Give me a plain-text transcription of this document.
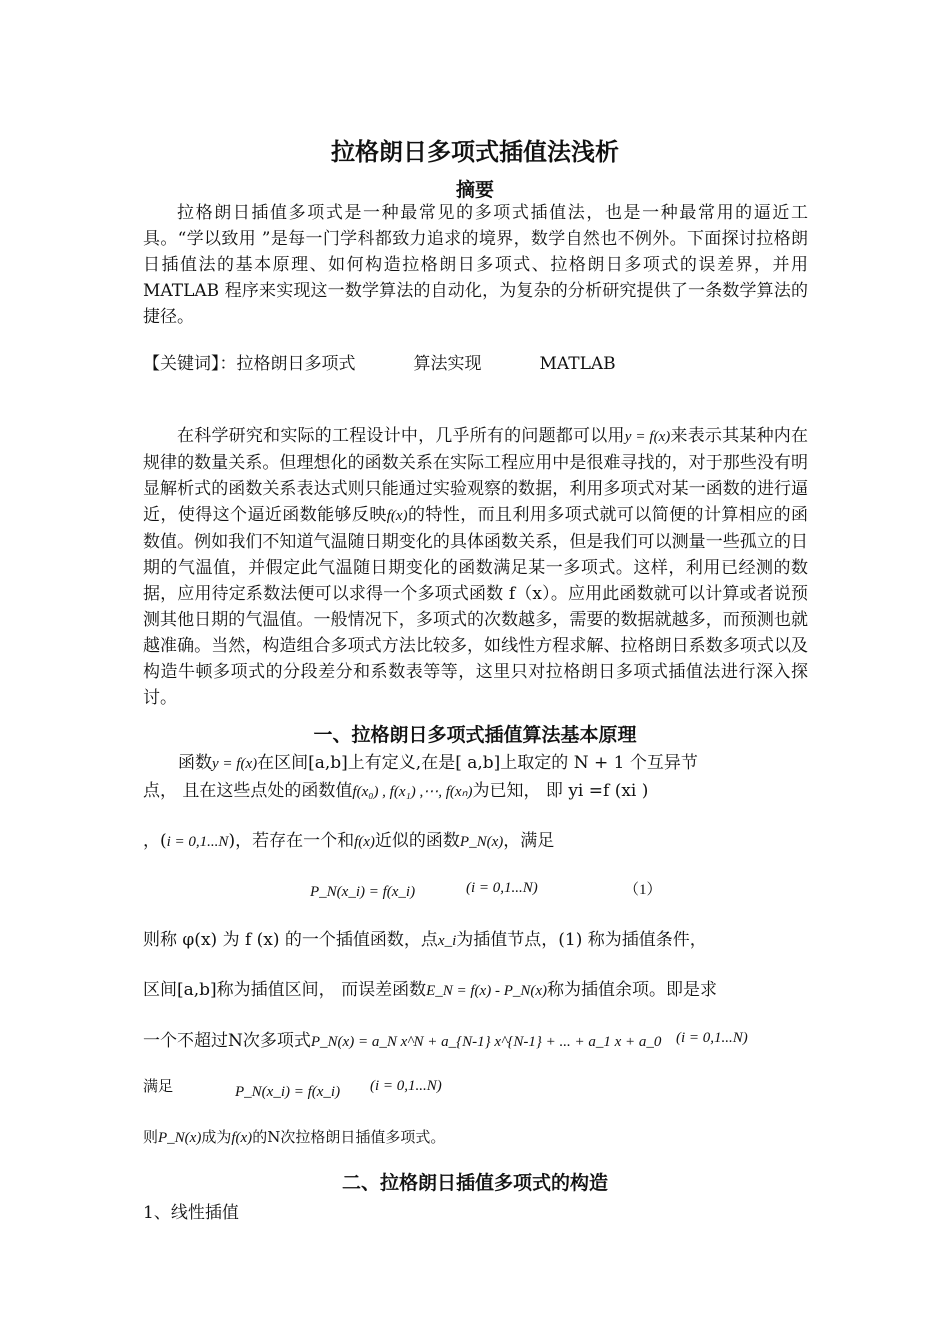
拉格朗日多项式插值法浅析
摘要

拉格朗日插值多项式是一种最常见的多项式插值法，也是一种最常用的逼近工具。“学以致用 ”是每一门学科都致力追求的境界，数学自然也不例外。下面探讨拉格朗日插值法的基本原理、如何构造拉格朗日多项式、拉格朗日多项式的误差界，并用 MATLAB 程序来实现这一数学算法的自动化，为复杂的分析研究提供了一条数学算法的捷径。

【关键词】：拉格朗日多项式	算法实现	MATLAB

在科学研究和实际的工程设计中，几乎所有的问题都可以用y = f(x)来表示其某种内在规律的数量关系。但理想化的函数关系在实际工程应用中是很难寻找的，对于那些没有明显解析式的函数关系表达式则只能通过实验观察的数据，利用多项式对某一函数的进行逼近，使得这个逼近函数能够反映f(x)的特性，而且利用多项式就可以简便的计算相应的函数值。例如我们不知道气温随日期变化的具体函数关系，但是我们可以测量一些孤立的日期的气温值，并假定此气温随日期变化的函数满足某一多项式。这样，利用已经测的数据，应用待定系数法便可以求得一个多项式函数 f（x）。应用此函数就可以计算或者说预测其他日期的气温值。一般情况下，多项式的次数越多，需要的数据就越多，而预测也就越准确。当然，构造组合多项式方法比较多，如线性方程求解、拉格朗日系数多项式以及构造牛顿多项式的分段差分和系数表等等，这里只对拉格朗日多项式插值法进行深入探讨。

一、拉格朗日多项式插值算法基本原理
函数y = f(x)在区间[a,b]上有定义,在是[ a,b]上取定的 N + 1 个互异节
点， 且在这些点处的函数值f(x₀) , f(x₁) ,⋯, f(xₙ)为已知， 即 yi =f (xi )
，(i = 0,1...N)，若存在一个和f(x)近似的函数P_N(x)，满足
P_N(x_i) = f(x_i)	(i = 0,1...N)	（1）
则称 φ(x) 为 f (x) 的一个插值函数，点x_i为插值节点，(1) 称为插值条件，
区间[a,b]称为插值区间， 而误差函数E_N = f(x) - P_N(x)称为插值余项。即是求
一个不超过N次多项式P_N(x) = a_N x^N + a_{N-1} x^{N-1} + ... + a_1 x + a_0 (i = 0,1...N)
满足	P_N(x_i) = f(x_i) (i = 0,1...N)
则P_N(x)成为f(x)的N次拉格朗日插值多项式。
二、拉格朗日插值多项式的构造
1、线性插值
